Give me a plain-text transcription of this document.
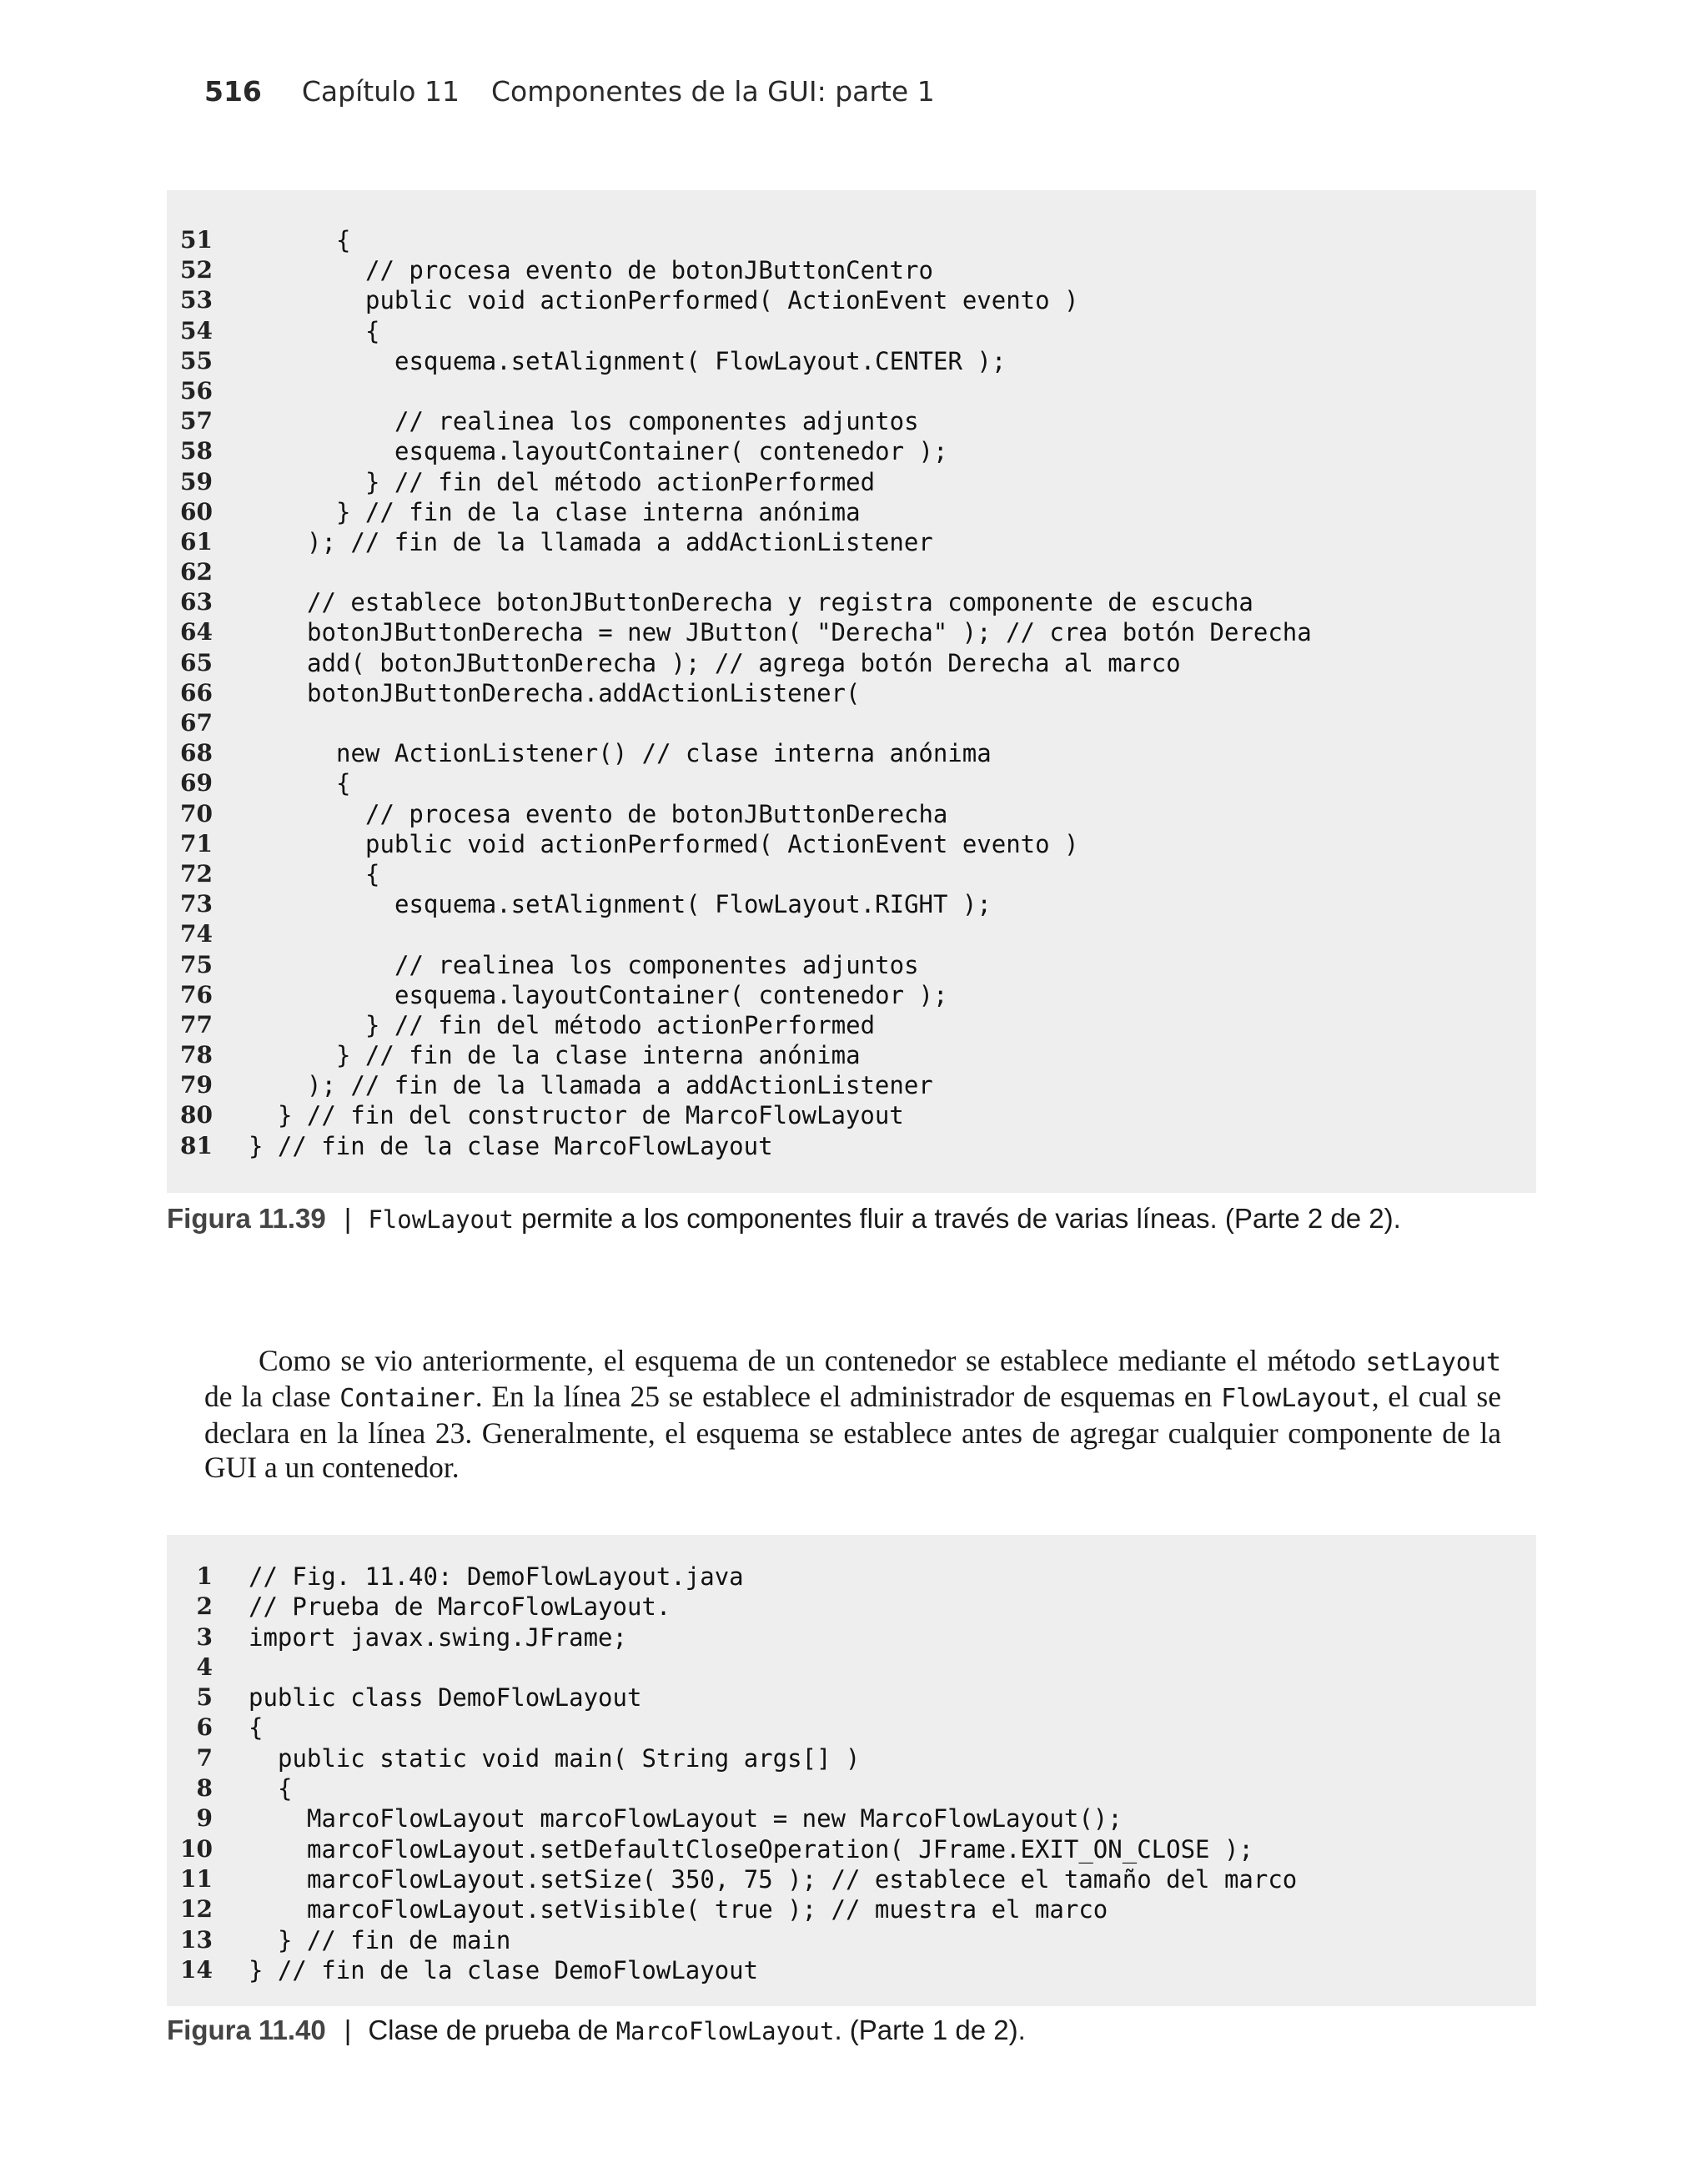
516 Capítulo 11 Componentes de la GUI: parte 1
51	{
52	// procesa evento de botonJButtonCentro
53	public void actionPerformed( ActionEvent evento )
54	{
55	esquema.setAlignment( FlowLayout.CENTER );
56
57	// realinea los componentes adjuntos
58	esquema.layoutContainer( contenedor );
59	} // fin del método actionPerformed
60	} // fin de la clase interna anónima
61	); // fin de la llamada a addActionListener
62
63	// establece botonJButtonDerecha y registra componente de escucha
64	botonJButtonDerecha = new JButton( "Derecha" ); // crea botón Derecha
65	add( botonJButtonDerecha ); // agrega botón Derecha al marco
66	botonJButtonDerecha.addActionListener(
67
68	new ActionListener() // clase interna anónima
69	{
70	// procesa evento de botonJButtonDerecha
71	public void actionPerformed( ActionEvent evento )
72	{
73	esquema.setAlignment( FlowLayout.RIGHT );
74
75	// realinea los componentes adjuntos
76	esquema.layoutContainer( contenedor );
77	} // fin del método actionPerformed
78	} // fin de la clase interna anónima
79	); // fin de la llamada a addActionListener
80	} // fin del constructor de MarcoFlowLayout
81 } // fin de la clase MarcoFlowLayout
Figura 11.39 | FlowLayout permite a los componentes fluir a través de varias líneas. (Parte 2 de 2).

Como se vio anteriormente, el esquema de un contenedor se establece mediante el método setLayout de la clase Container. En la línea 25 se establece el administrador de esquemas en FlowLayout, el cual se declara en la línea 23. Generalmente, el esquema se establece antes de agregar cualquier componente de la GUI a un contenedor.

1 // Fig. 11.40: DemoFlowLayout.java
2 // Prueba de MarcoFlowLayout.
3 import javax.swing.JFrame;
4
5 public class DemoFlowLayout
6 {
7	public static void main( String args[] )
8	{
9	MarcoFlowLayout marcoFlowLayout = new MarcoFlowLayout();
10	marcoFlowLayout.setDefaultCloseOperation( JFrame.EXIT_ON_CLOSE );
11	marcoFlowLayout.setSize( 350, 75 ); // establece el tamaño del marco
12	marcoFlowLayout.setVisible( true ); // muestra el marco
13	} // fin de main
14 } // fin de la clase DemoFlowLayout
Figura 11.40 | Clase de prueba de MarcoFlowLayout. (Parte 1 de 2).
